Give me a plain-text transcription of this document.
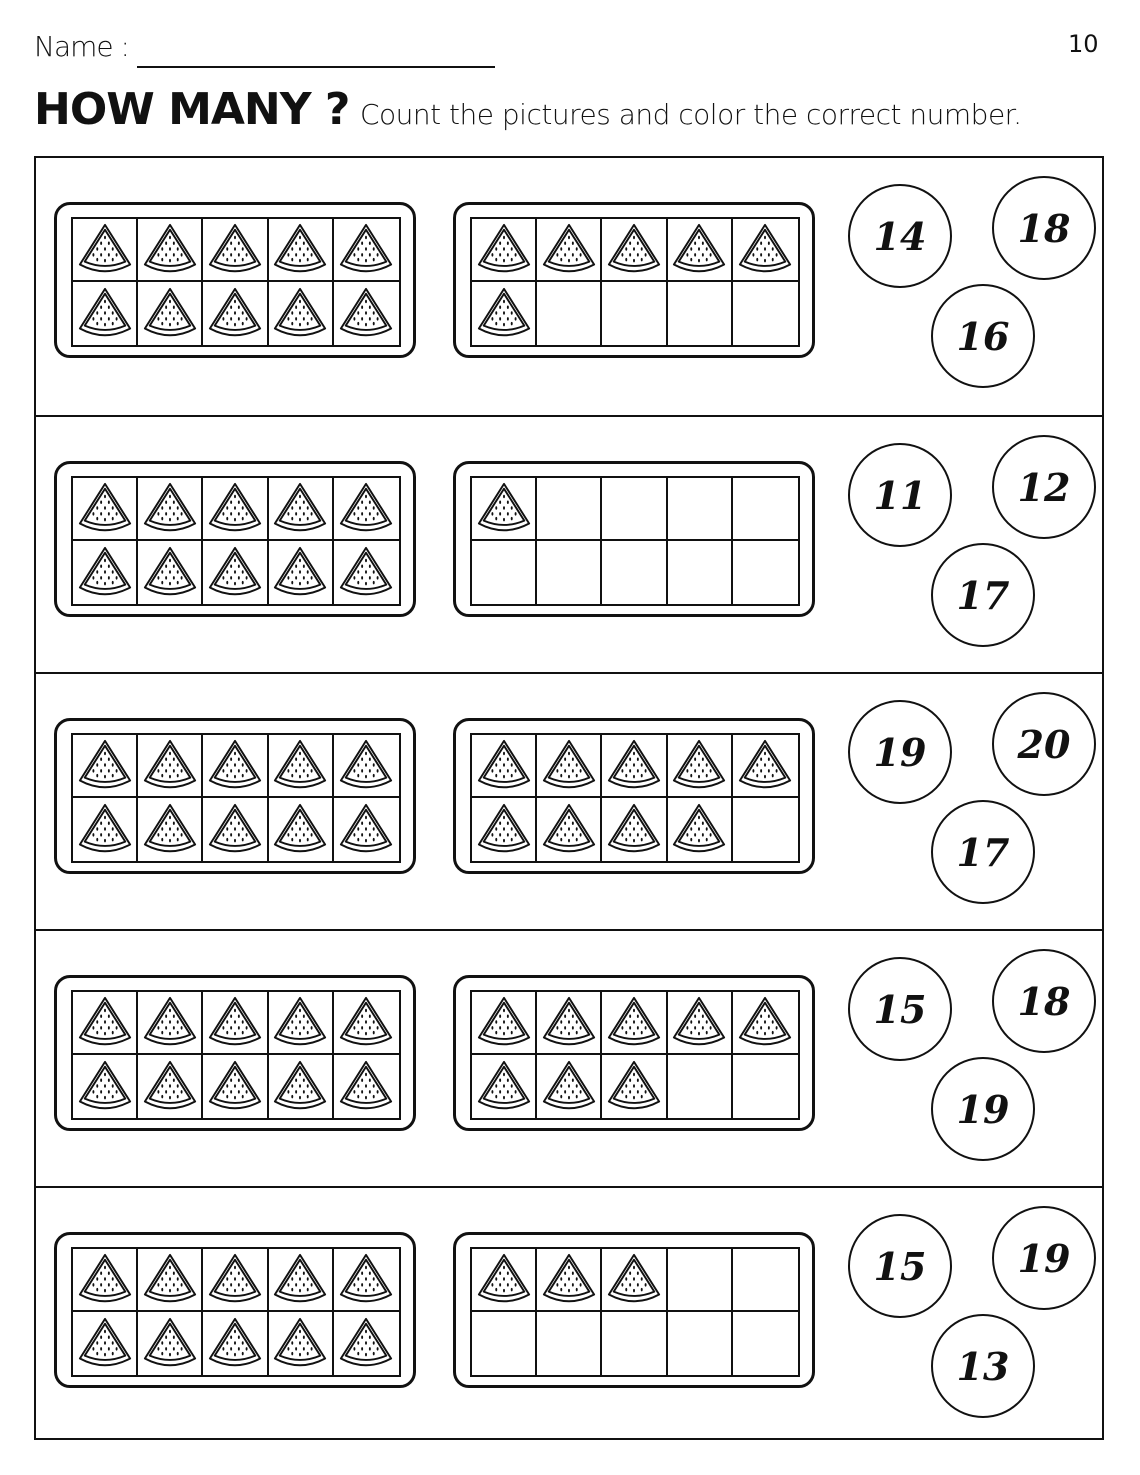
Name :	10
HOW MANY ? Count the pictures and color the correct number.
14	18
16
11	12
17
19	20
17
15	18
19
15	19
13
